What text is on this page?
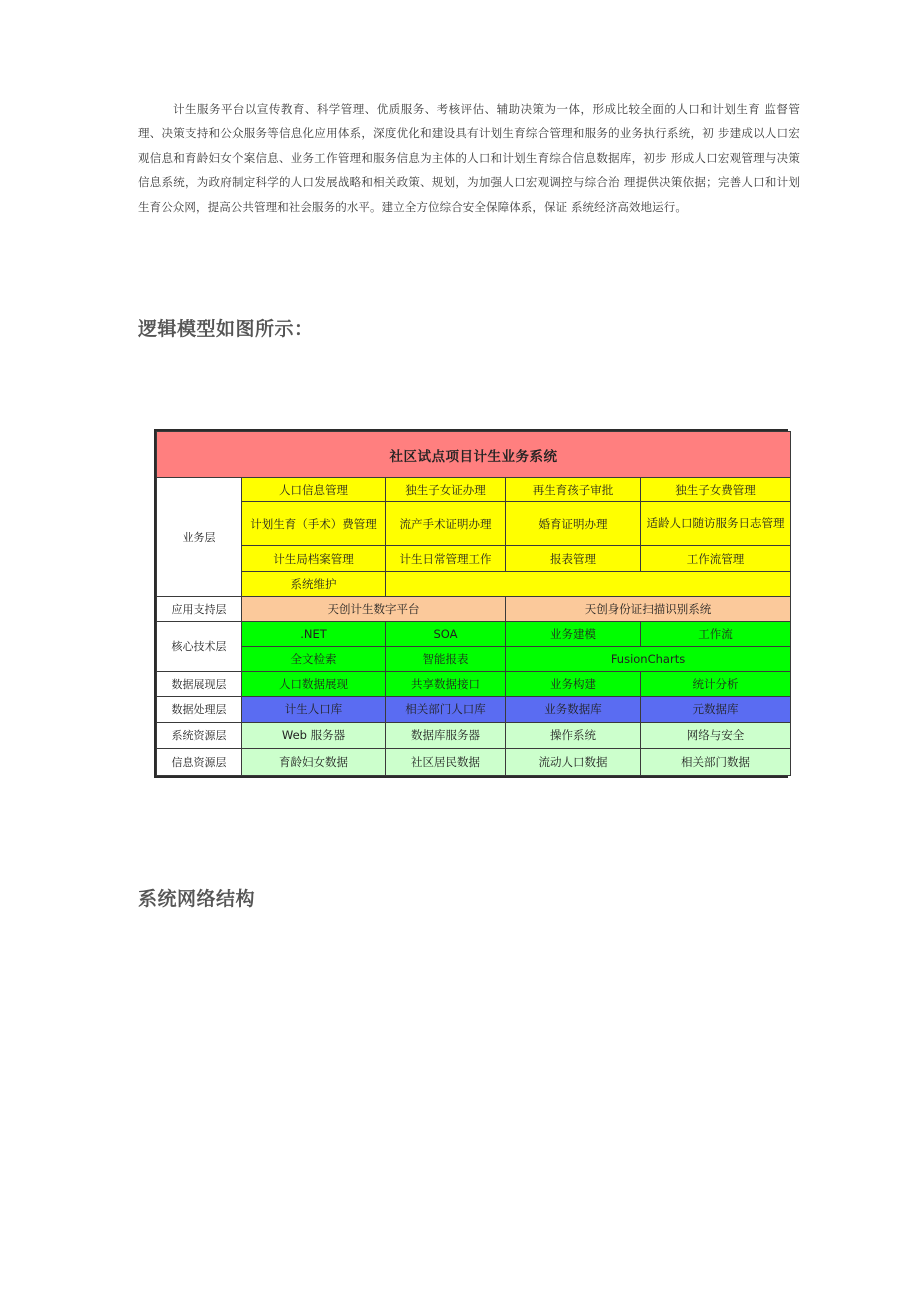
计生服务平台以宣传教育、科学管理、优质服务、考核评估、辅助决策为一体，形成比较全面的人口和计划生育 监督管理、决策支持和公众服务等信息化应用体系，深度优化和建设具有计划生育综合管理和服务的业务执行系统，初 步建成以人口宏观信息和育龄妇女个案信息、业务工作管理和服务信息为主体的人口和计划生育综合信息数据库，初步 形成人口宏观管理与决策信息系统，为政府制定科学的人口发展战略和相关政策、规划，为加强人口宏观调控与综合治 理提供决策依据；完善人口和计划生育公众网，提高公共管理和社会服务的水平。建立全方位综合安全保障体系，保证 系统经济高效地运行。

逻辑模型如图所示：
社区试点项目计生业务系统				
业务层	人口信息管理	独生子女证办理	再生育孩子审批	独生子女费管理
	计划生育（手术）费管理	流产手术证明办理	婚育证明办理	适龄人口随访服务日志管理
	计生局档案管理	计生日常管理工作	报表管理	工作流管理
	系统维护			
应用支持层	天创计生数字平台		天创身份证扫描识别系统	
核心技术层	.NET	SOA	业务建模	工作流
	全文检索	智能报表	FusionCharts	
数据展现层	人口数据展现	共享数据接口	业务构建	统计分析
数据处理层	计生人口库	相关部门人口库	业务数据库	元数据库
系统资源层	Web 服务器	数据库服务器	操作系统	网络与安全
信息资源层	育龄妇女数据	社区居民数据	流动人口数据	相关部门数据
系统网络结构
